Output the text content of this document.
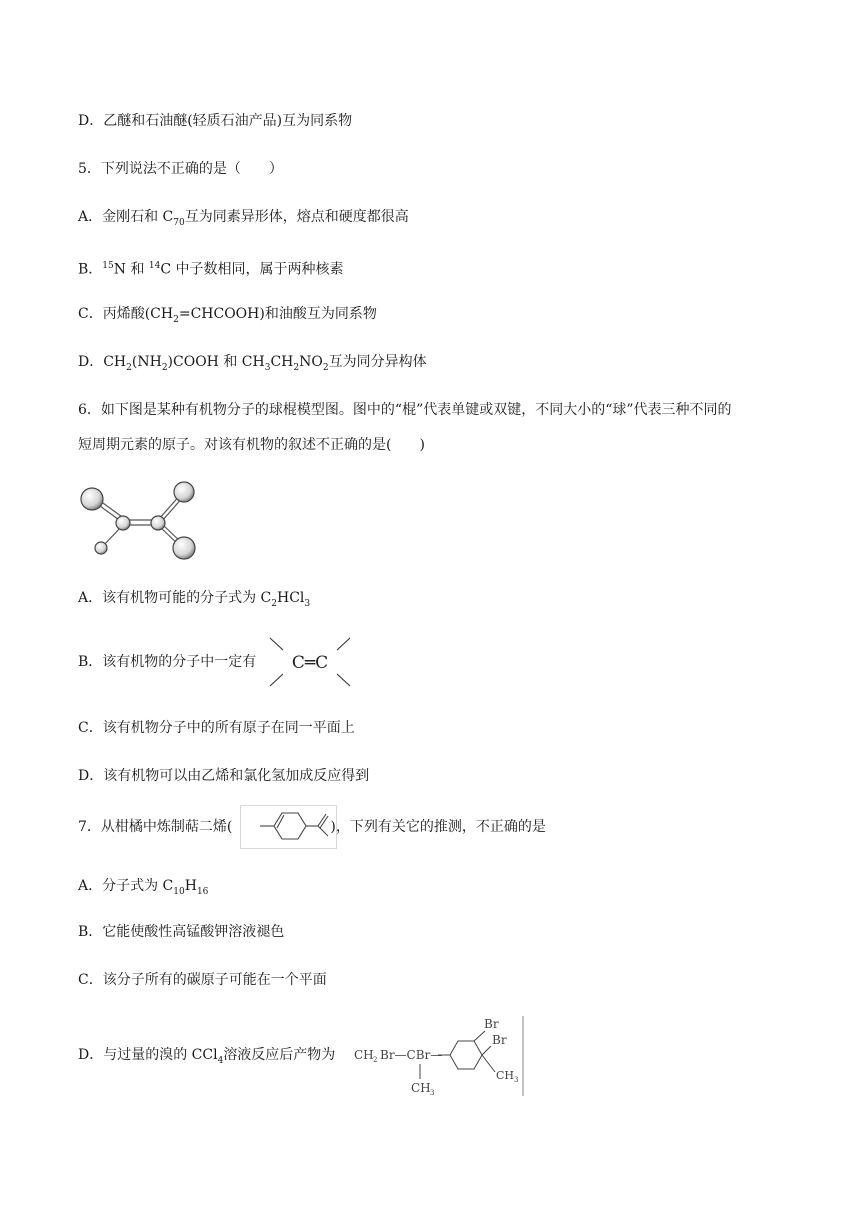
D．乙醚和石油醚(轻质石油产品)互为同系物
5．下列说法不正确的是（　　）
A．金刚石和 $C_{70}$互为同素异形体，熔点和硬度都很高
B．$^{15}$N 和 $^{14}$C 中子数相同，属于两种核素
C．丙烯酸$(CH_2=CHCOOH)$和油酸互为同系物
D．$CH_2(NH_2)COOH$ 和 $CH_3CH_2NO_2$互为同分异构体
6．如下图是某种有机物分子的球棍模型图。图中的“棍”代表单键或双键，不同大小的“球”代表三种不同的
短周期元素的原子。对该有机物的叙述不正确的是(　　)
A．该有机物可能的分子式为 $C_2HCl_3$
B．该有机物的分子中一定有 C═C
C．该有机物分子中的所有原子在同一平面上
D．该有机物可以由乙烯和氯化氢加成反应得到
7．从柑橘中炼制萜二烯(	)，下列有关它的推测，不正确的是
A．分子式为 $C_{10}H_{16}$
B．它能使酸性高锰酸钾溶液褪色
C．该分子所有的碳原子可能在一个平面
D．与过量的溴的 CCl$_4$溶液反应后产物为 CH 2 Br—CBr—
Br
Br
CH 3
CH 3
